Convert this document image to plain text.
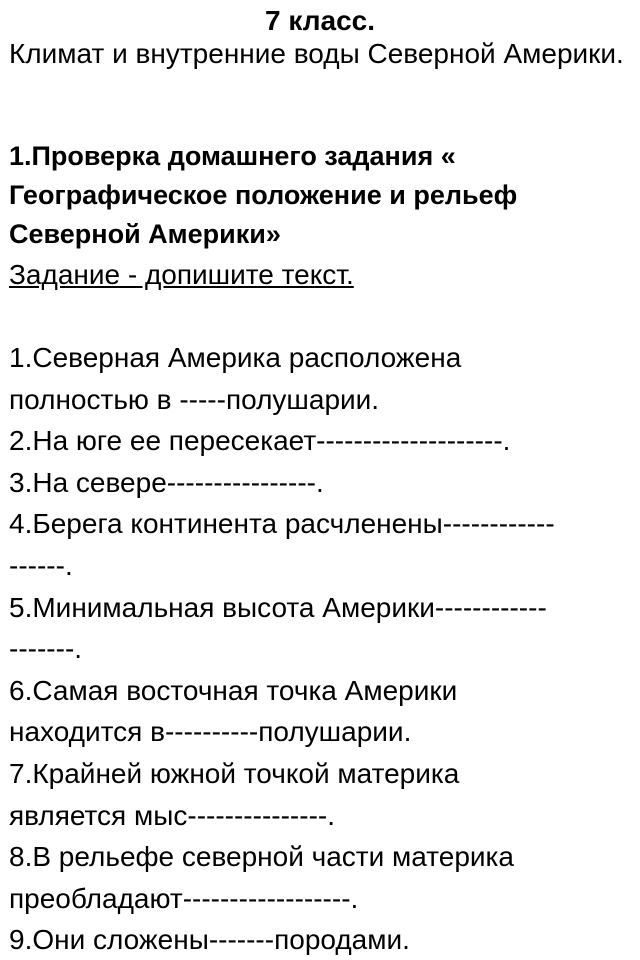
7 класс.
Климат и внутренние воды Северной Америки.
1.Проверка домашнего задания « Географическое положение и рельеф Северной Америки»
Задание - допишите текст.
1.Северная Америка расположена
полностью в -----полушарии.
2.На юге ее пересекает--------------------.
3.На севере----------------.
4.Берега континента расчленены------------
------.
5.Минимальная высота Америки------------
-------.
6.Самая восточная точка Америки
находится в----------полушарии.
7.Крайней южной точкой материка
является мыс---------------.
8.В рельефе северной части материка
преобладают------------------.
9.Они сложены-------породами.
